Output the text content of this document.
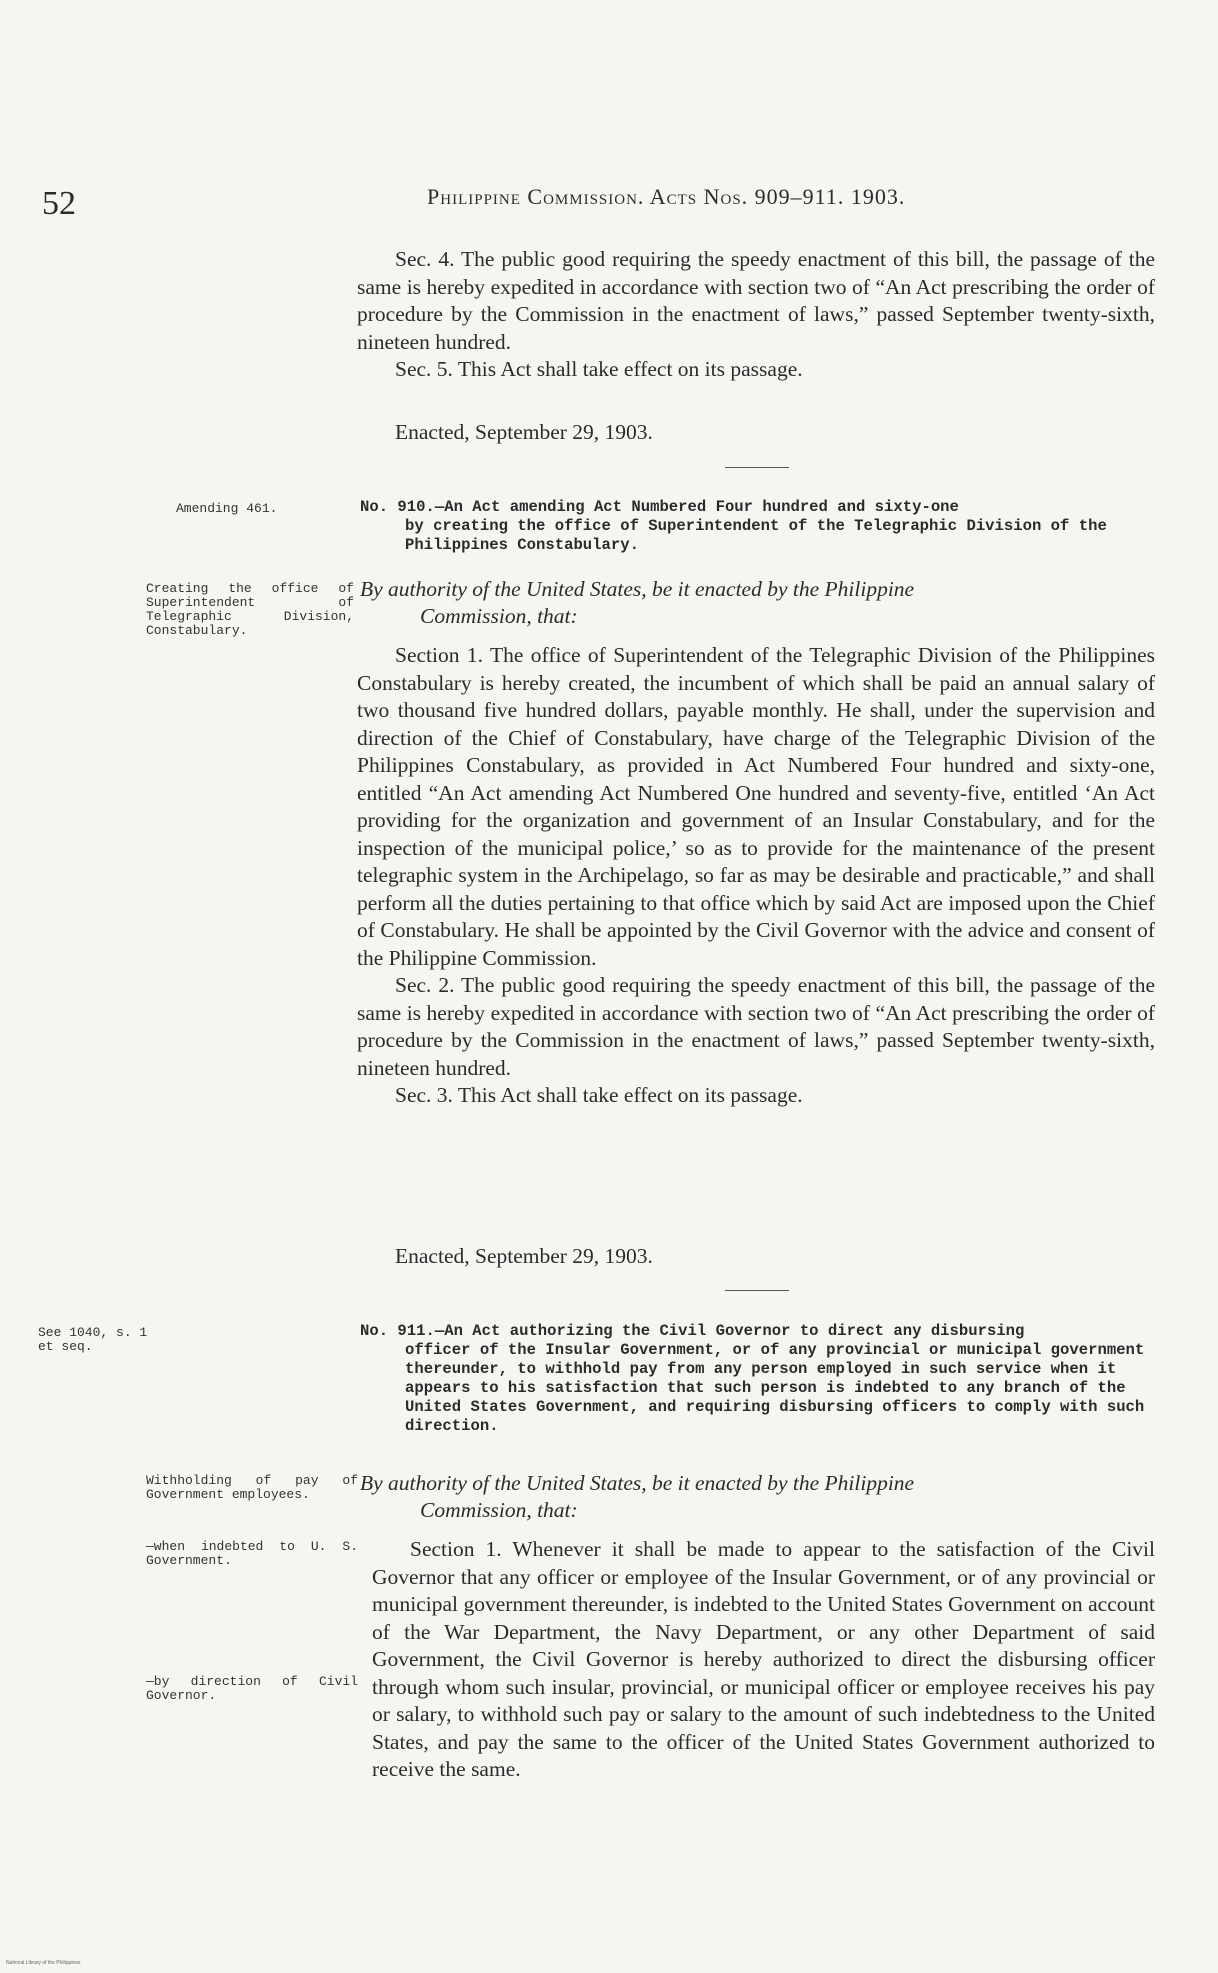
52	Philippine Commission. Acts Nos. 909–911. 1903.

Sec. 4. The public good requiring the speedy enactment of this bill, the passage of the same is hereby expedited in accordance with section two of “An Act prescribing the order of procedure by the Commission in the enactment of laws,” passed September twenty-sixth, nineteen hundred.

Sec. 5. This Act shall take effect on its passage.

Enacted, September 29, 1903.
Amending 461.	No. 910.—An Act amending Act Numbered Four hundred and sixty-one
by creating the office of Superintendent of the Telegraphic Division of the Philippines Constabulary.
Creating the office of Superintendent of Telegraphic Division, Constabulary.
By authority of the United States, be it enacted by the Philippine
Commission, that:

Section 1. The office of Superintendent of the Telegraphic Division of the Philippines Constabulary is hereby created, the incumbent of which shall be paid an annual salary of two thousand five hundred dollars, payable monthly. He shall, under the supervision and direction of the Chief of Constabulary, have charge of the Telegraphic Division of the Philippines Constabulary, as provided in Act Numbered Four hundred and sixty-one, entitled “An Act amending Act Numbered One hundred and seventy-five, entitled ‘An Act providing for the organization and government of an Insular Constabulary, and for the inspection of the municipal police,’ so as to provide for the maintenance of the present telegraphic system in the Archipelago, so far as may be desirable and practicable,” and shall perform all the duties pertaining to that office which by said Act are imposed upon the Chief of Constabulary. He shall be appointed by the Civil Governor with the advice and consent of the Philippine Commission.

Sec. 2. The public good requiring the speedy enactment of this bill, the passage of the same is hereby expedited in accordance with section two of “An Act prescribing the order of procedure by the Commission in the enactment of laws,” passed September twenty-sixth, nineteen hundred.

Sec. 3. This Act shall take effect on its passage.

Enacted, September 29, 1903.
See 1040, s. 1 et seq.
No. 911.—An Act authorizing the Civil Governor to direct any disbursing
officer of the Insular Government, or of any provincial or municipal government thereunder, to withhold pay from any person employed in such service when it appears to his satisfaction that such person is indebted to any branch of the United States Government, and requiring disbursing officers to comply with such direction.
Withholding of pay of Government employees.	By authority of the United States, be it enacted by the Philippine
Commission, that:
—when indebted to U. S. Government.
—by direction of Civil Governor.

Section 1. Whenever it shall be made to appear to the satisfaction of the Civil Governor that any officer or employee of the Insular Government, or of any provincial or municipal government thereunder, is indebted to the United States Government on account of the War Department, the Navy Department, or any other Department of said Government, the Civil Governor is hereby authorized to direct the disbursing officer through whom such insular, provincial, or municipal officer or employee receives his pay or salary, to withhold such pay or salary to the amount of such indebtedness to the United States, and pay the same to the officer of the United States Government authorized to receive the same.

National Library of the Philippines
